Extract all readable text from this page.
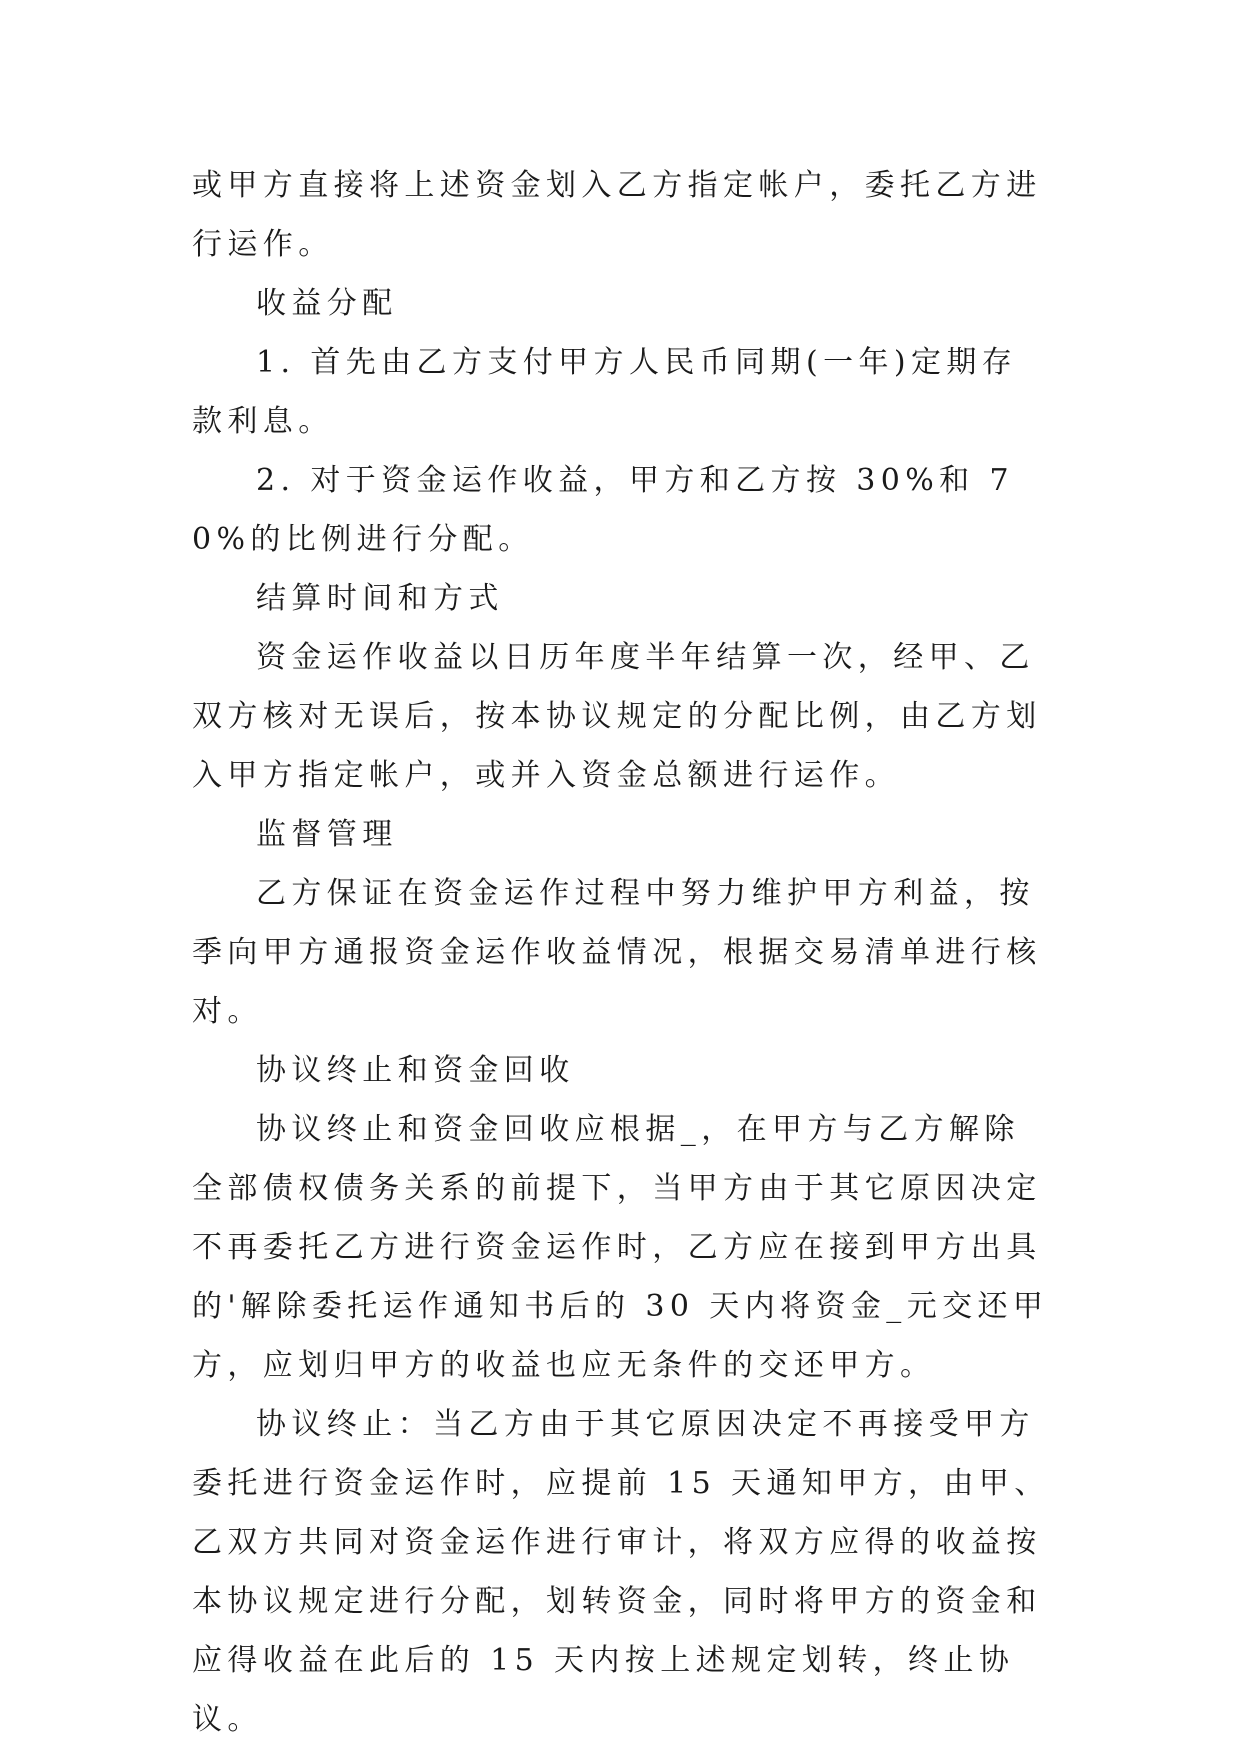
或甲方直接将上述资金划入乙方指定帐户，委托乙方进行运作。

收益分配

1. 首先由乙方支付甲方人民币同期(一年)定期存款利息。

2. 对于资金运作收益，甲方和乙方按 30%和 70%的比例进行分配。

结算时间和方式

资金运作收益以日历年度半年结算一次，经甲、乙双方核对无误后，按本协议规定的分配比例，由乙方划入甲方指定帐户，或并入资金总额进行运作。

监督管理

乙方保证在资金运作过程中努力维护甲方利益，按季向甲方通报资金运作收益情况，根据交易清单进行核对。

协议终止和资金回收

协议终止和资金回收应根据_，在甲方与乙方解除全部债权债务关系的前提下，当甲方由于其它原因决定不再委托乙方进行资金运作时，乙方应在接到甲方出具的'解除委托运作通知书后的 30 天内将资金_元交还甲方，应划归甲方的收益也应无条件的交还甲方。

协议终止：当乙方由于其它原因决定不再接受甲方委托进行资金运作时，应提前 15 天通知甲方，由甲、乙双方共同对资金运作进行审计，将双方应得的收益按本协议规定进行分配，划转资金，同时将甲方的资金和应得收益在此后的 15 天内按上述规定划转，终止协议。
